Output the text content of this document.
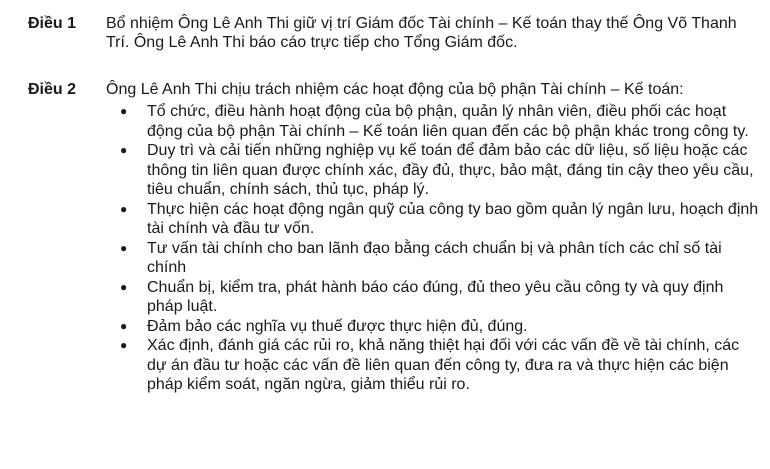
Điều 1	Bổ nhiệm Ông Lê Anh Thi giữ vị trí Giám đốc Tài chính – Kế toán thay thế Ông Võ Thanh Trí. Ông Lê Anh Thi báo cáo trực tiếp cho Tổng Giám đốc.

Điều 2	Ông Lê Anh Thi chịu trách nhiệm các hoạt động của bộ phận Tài chính – Kế toán:

● Tổ chức, điều hành hoạt động của bộ phận, quản lý nhân viên, điều phối các hoạt động của bộ phận Tài chính – Kế toán liên quan đến các bộ phận khác trong công ty.
● Duy trì và cải tiến những nghiệp vụ kế toán để đảm bảo các dữ liệu, số liệu hoặc các thông tin liên quan được chính xác, đầy đủ, thực, bảo mật, đáng tin cậy theo yêu cầu, tiêu chuẩn, chính sách, thủ tục, pháp lý.
● Thực hiện các hoạt động ngân quỹ của công ty bao gồm quản lý ngân lưu, hoạch định tài chính và đầu tư vốn.
● Tư vấn tài chính cho ban lãnh đạo bằng cách chuẩn bị và phân tích các chỉ số tài chính
● Chuẩn bị, kiểm tra, phát hành báo cáo đúng, đủ theo yêu cầu công ty và quy định pháp luật.
● Đảm bảo các nghĩa vụ thuế được thực hiện đủ, đúng.
● Xác định, đánh giá các rủi ro, khả năng thiệt hại đối với các vấn đề về tài chính, các dự án đầu tư hoặc các vấn đề liên quan đến công ty, đưa ra và thực hiện các biện pháp kiểm soát, ngăn ngừa, giảm thiểu rủi ro.
